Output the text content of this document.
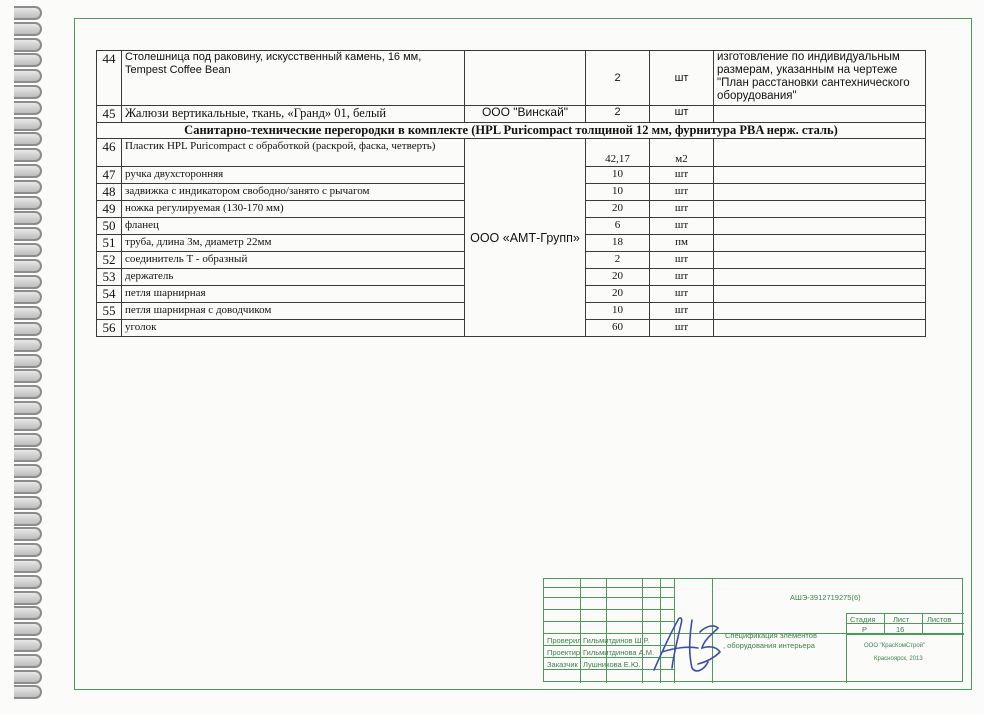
44	Столешница под раковину, искусственный камень, 16 мм, Tempest Coffee Bean		2	шт	изготовление по индивидуальным размерам, указанным на чертеже "План расстановки сантехнического оборудования"
45	Жалюзи вертикальные, ткань, «Гранд» 01, белый	ООО "Винскай"	2	шт	
Санитарно-технические перегородки в комплекте (HPL Puricompact толщиной 12 мм, фурнитура PBA нерж. сталь)					
46	Пластик HPL Puricompact с обработкой (раскрой, фаска, четверть)	ООО «АМТ-Групп»	42,17	м2	
47	ручка двухсторонняя		10	шт	
48	задвижка с индикатором свободно/занято с рычагом		10	шт	
49	ножка регулируемая (130-170 мм)		20	шт	
50	фланец		6	шт	
51	труба, длина 3м, диаметр 22мм		18	пм	
52	соединитель Т - образный		2	шт	
53	держатель		20	шт	
54	петля шарнирная		20	шт	
55	петля шарнирная с доводчиком		10	шт	
56	уголок		60	шт	
АШЭ-3912719275(6)
Стадия Лист Листов
Р	16
Спецификация элементов
, оборудования интерьера	ООО "КрасКомСтрой"
Красноярск, 2013
Проверил Гильмитдинов Ш.Р.
Проектир Гильмитдинова А.М.
Заказчик Лушникова Е.Ю.
